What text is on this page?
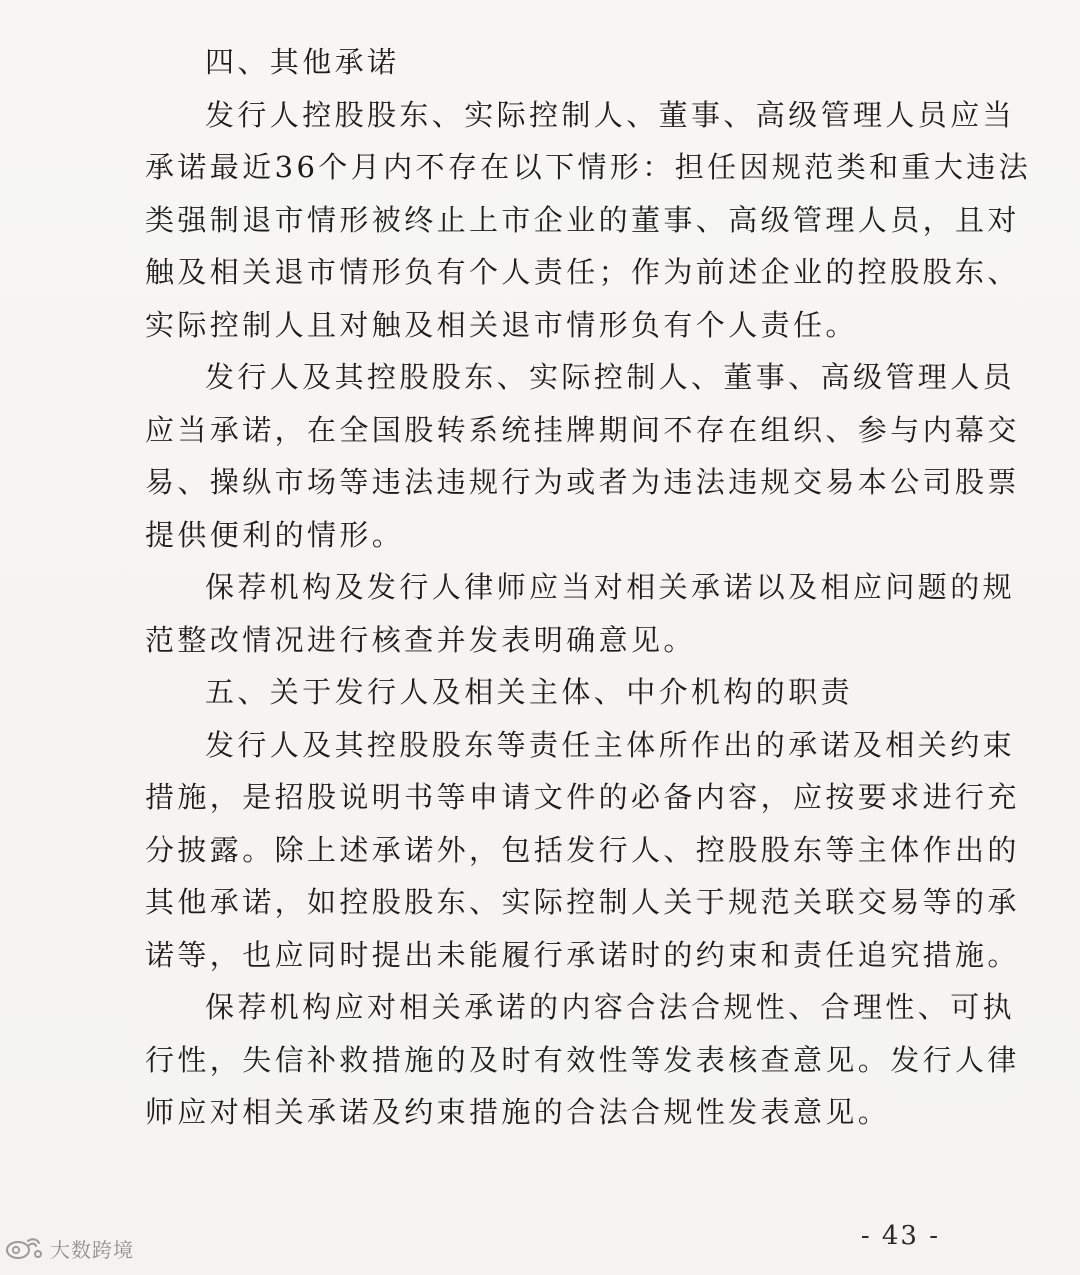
四、其他承诺
发行人控股股东、实际控制人、董事、高级管理人员应当
承诺最近36个月内不存在以下情形：担任因规范类和重大违法
类强制退市情形被终止上市企业的董事、高级管理人员，且对
触及相关退市情形负有个人责任；作为前述企业的控股股东、
实际控制人且对触及相关退市情形负有个人责任。
发行人及其控股股东、实际控制人、董事、高级管理人员
应当承诺，在全国股转系统挂牌期间不存在组织、参与内幕交
易、操纵市场等违法违规行为或者为违法违规交易本公司股票
提供便利的情形。
保荐机构及发行人律师应当对相关承诺以及相应问题的规
范整改情况进行核查并发表明确意见。
五、关于发行人及相关主体、中介机构的职责
发行人及其控股股东等责任主体所作出的承诺及相关约束
措施，是招股说明书等申请文件的必备内容，应按要求进行充
分披露。除上述承诺外，包括发行人、控股股东等主体作出的
其他承诺，如控股股东、实际控制人关于规范关联交易等的承
诺等，也应同时提出未能履行承诺时的约束和责任追究措施。
保荐机构应对相关承诺的内容合法合规性、合理性、可执
行性，失信补救措施的及时有效性等发表核查意见。发行人律
师应对相关承诺及约束措施的合法合规性发表意见。
- 43 -
大数跨境
